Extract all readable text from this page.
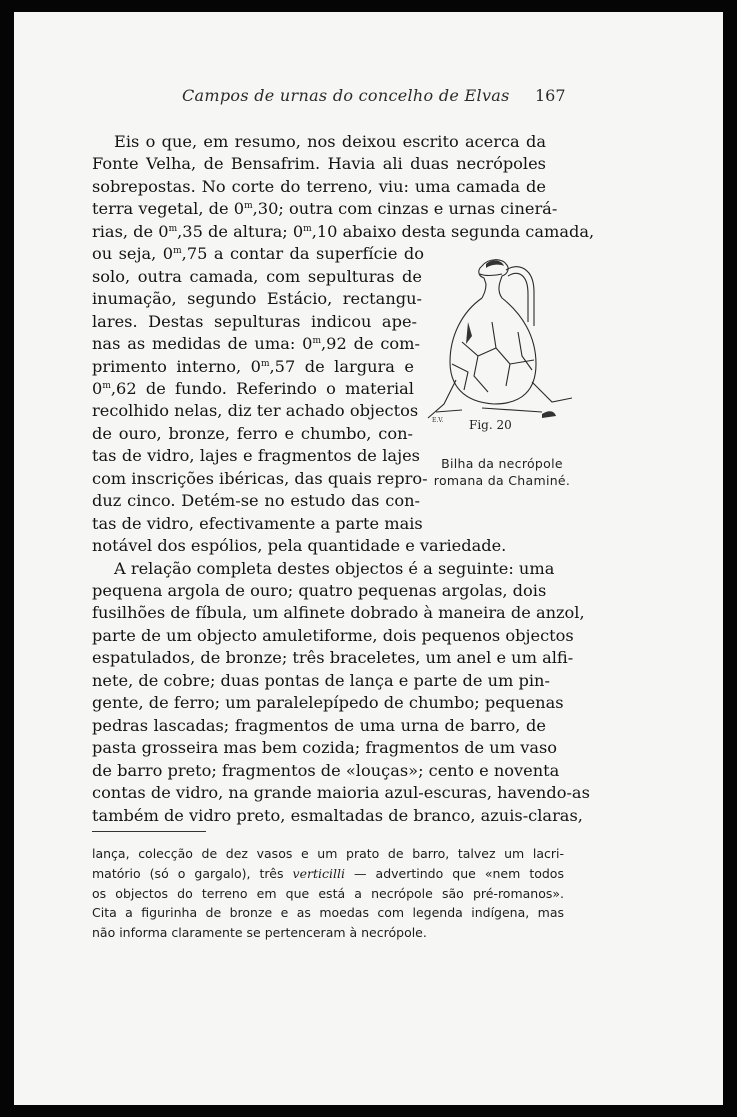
Campos de urnas do concelho de Elvas 167
Eis o que, em resumo, nos deixou escrito acerca da
Fonte Velha, de Bensafrim. Havia ali duas necrópoles
sobrepostas. No corte do terreno, viu: uma camada de
terra vegetal, de 0$^m$,30; outra com cinzas e urnas cinerá-
rias, de 0$^m$,35 de altura; 0$^m$,10 abaixo desta segunda camada,
ou seja, 0$^m$,75 a contar da superfície do
solo, outra camada, com sepulturas de
inumação, segundo Estácio, rectangu-
lares. Destas sepulturas indicou ape-
nas as medidas de uma: 0$^m$,92 de com-
primento interno, 0$^m$,57 de largura e
0$^m$,62 de fundo. Referindo o material
recolhido nelas, diz ter achado objectos
de ouro, bronze, ferro e chumbo, con-
tas de vidro, lajes e fragmentos de lajes
com inscrições ibéricas, das quais repro-
duz cinco. Detém-se no estudo das con-
tas de vidro, efectivamente a parte mais
notável dos espólios, pela quantidade e variedade.
A relação completa destes objectos é a seguinte: uma
pequena argola de ouro; quatro pequenas argolas, dois
fusilhões de fíbula, um alfinete dobrado à maneira de anzol,
parte de um objecto amuletiforme, dois pequenos objectos
espatulados, de bronze; três braceletes, um anel e um alfi-
nete, de cobre; duas pontas de lança e parte de um pin-
gente, de ferro; um paralelepípedo de chumbo; pequenas
pedras lascadas; fragmentos de uma urna de barro, de
pasta grosseira mas bem cozida; fragmentos de um vaso
de barro preto; fragmentos de «louças»; cento e noventa
contas de vidro, na grande maioria azul-escuras, havendo-as
também de vidro preto, esmaltadas de branco, azuis-claras,
E.V. Fig. 20
Bilha da necrópole
romana da Chaminé.
lança, colecção de dez vasos e um prato de barro, talvez um lacri-
matório (só o gargalo), três verticilli — advertindo que «nem todos
os objectos do terreno em que está a necrópole são pré-romanos».
Cita a figurinha de bronze e as moedas com legenda indígena, mas
não informa claramente se pertenceram à necrópole.
